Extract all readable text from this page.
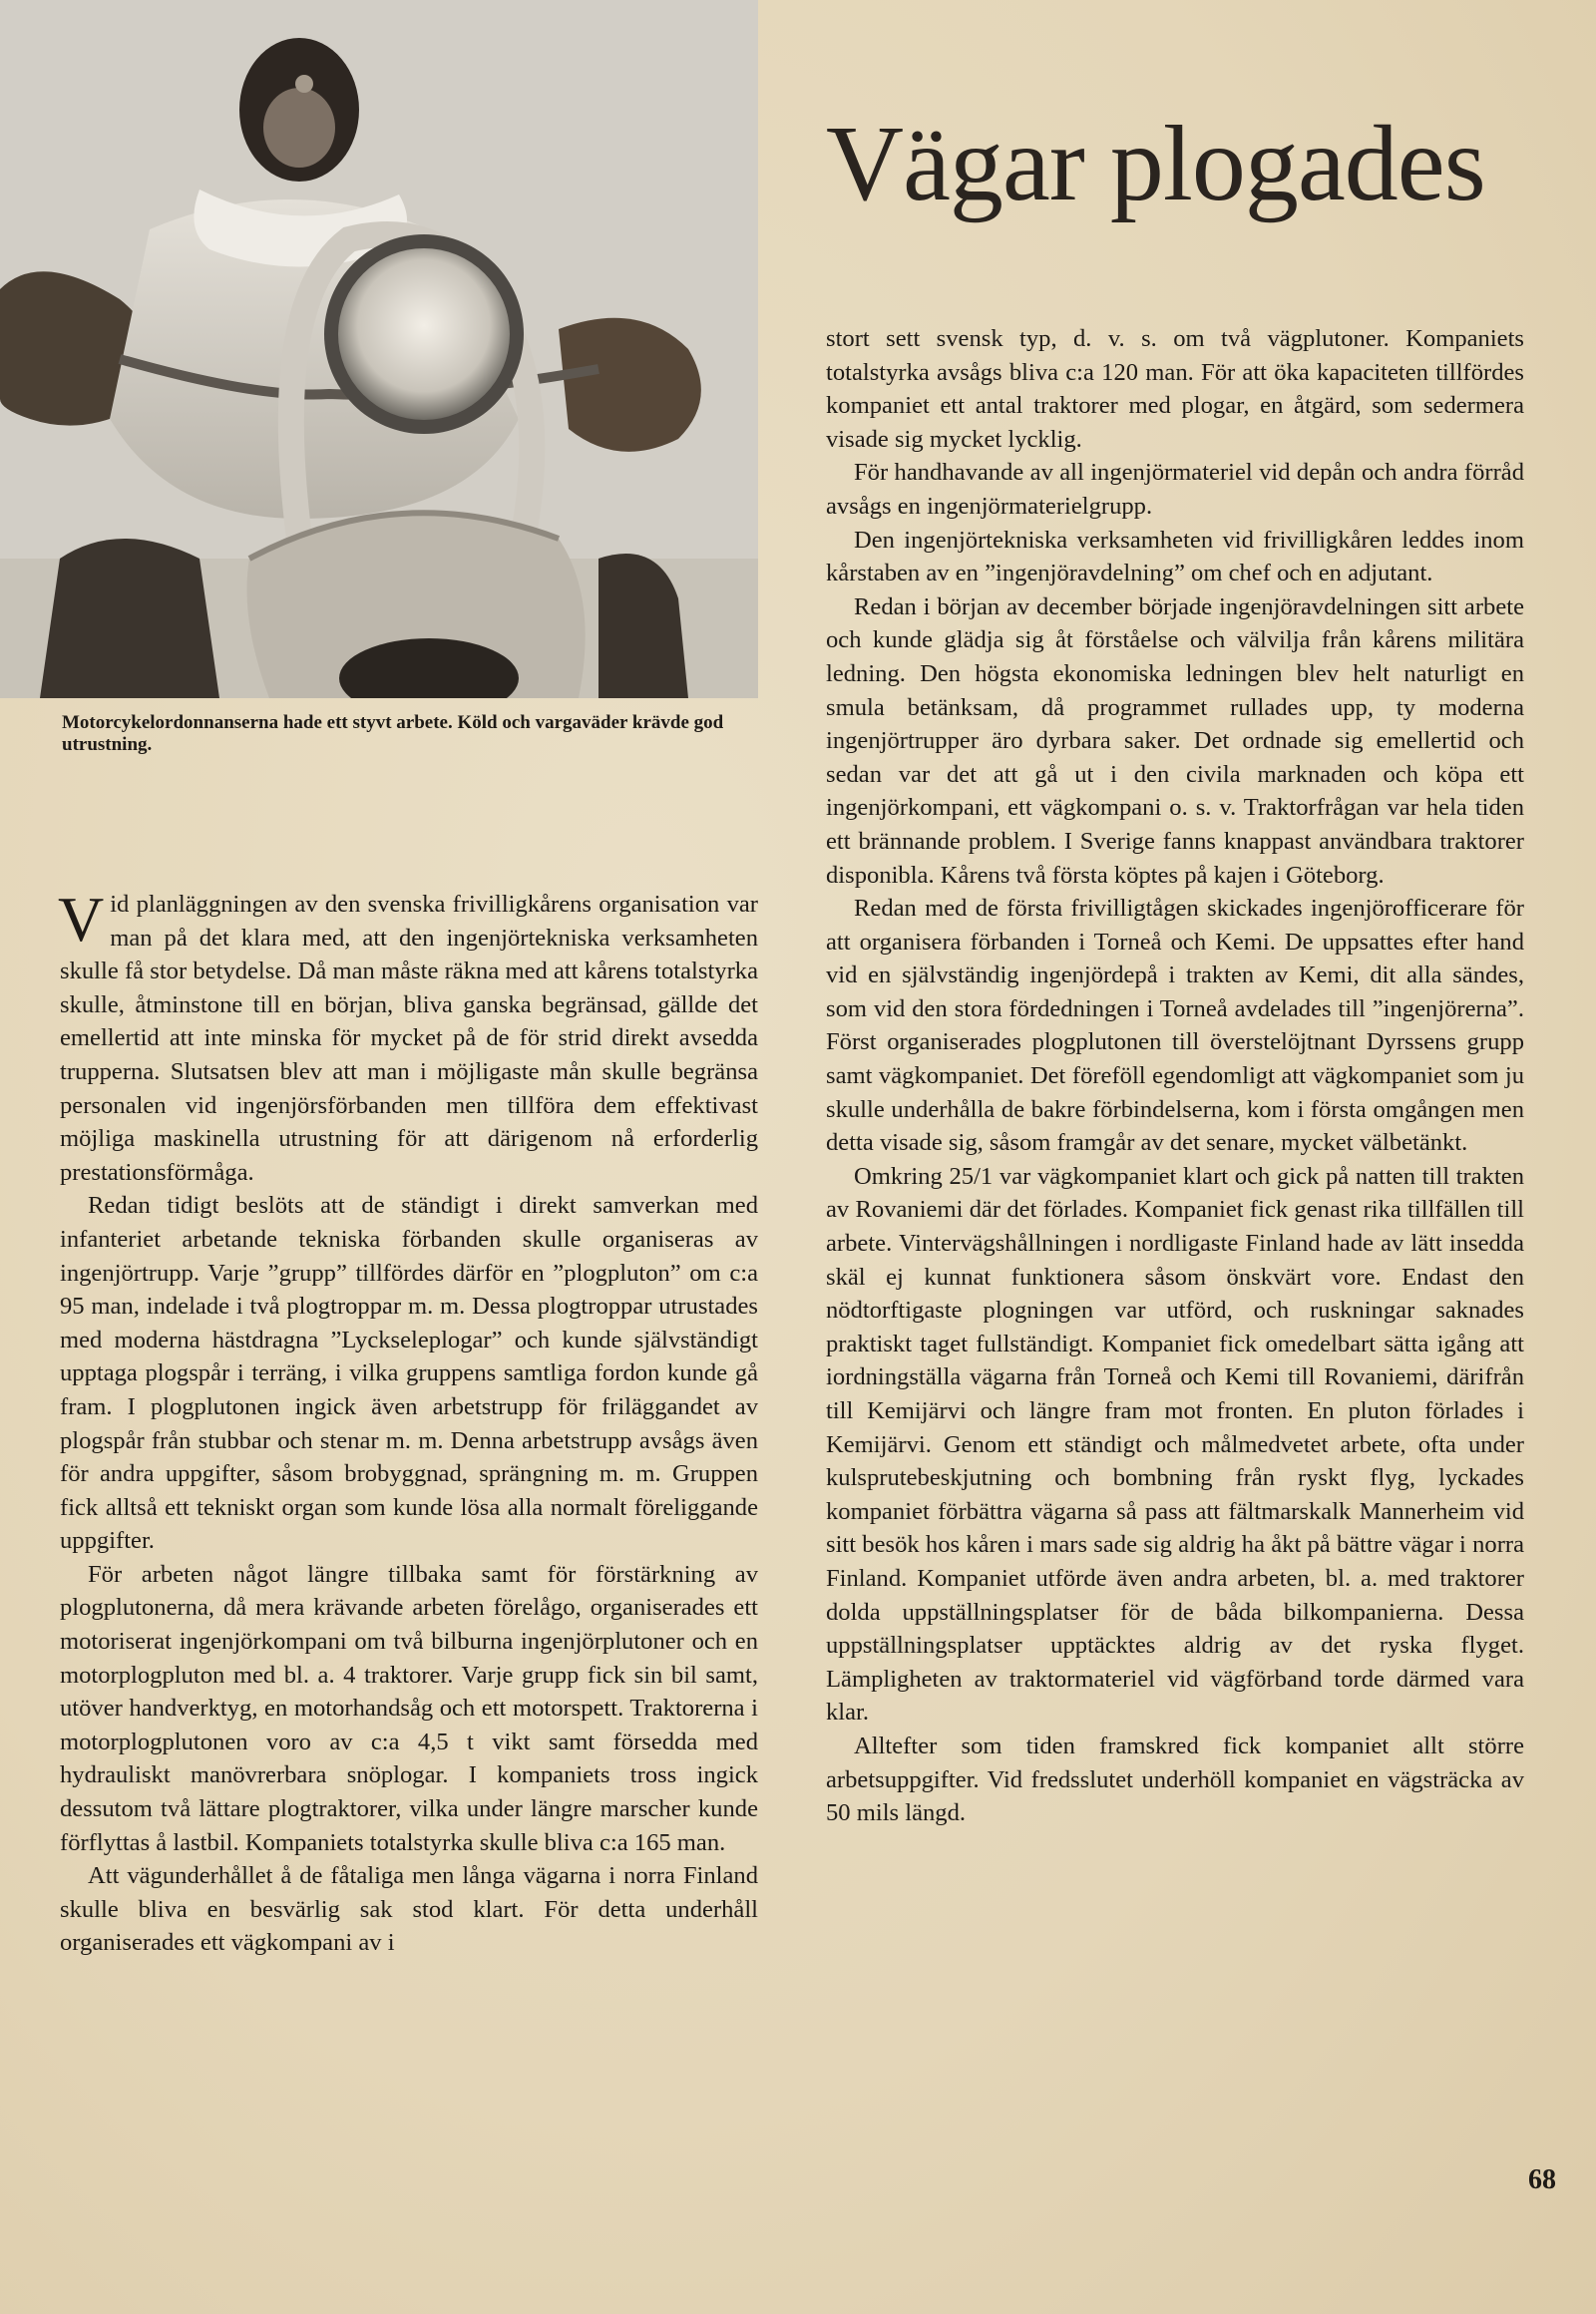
Motorcykelordonnanserna hade ett styvt arbete. Köld och vargaväder krävde god utrustning.

Vägar plogades

Vid planläggningen av den svenska frivilligkårens organisation var man på det klara med, att den ingenjörtekniska verksamheten skulle få stor betydelse. Då man måste räkna med att kårens totalstyrka skulle, åtminstone till en början, bliva ganska begränsad, gällde det emellertid att inte minska för mycket på de för strid direkt avsedda trupperna. Slutsatsen blev att man i möjligaste mån skulle begränsa personalen vid ingenjörsförbanden men tillföra dem effektivast möjliga maskinella utrustning för att därigenom nå erforderlig prestationsförmåga.

Redan tidigt beslöts att de ständigt i direkt samverkan med infanteriet arbetande tekniska förbanden skulle organiseras av ingenjörtrupp. Varje ”grupp” tillfördes därför en ”plogpluton” om c:a 95 man, indelade i två plogtroppar m. m. Dessa plogtroppar utrustades med moderna hästdragna ”Lyckseleplogar” och kunde självständigt upptaga plogspår i terräng, i vilka gruppens samtliga fordon kunde gå fram. I plogplutonen ingick även arbetstrupp för friläggandet av plogspår från stubbar och stenar m. m. Denna arbetstrupp avsågs även för andra uppgifter, såsom brobyggnad, sprängning m. m. Gruppen fick alltså ett tekniskt organ som kunde lösa alla normalt föreliggande uppgifter.

För arbeten något längre tillbaka samt för förstärkning av plogplutonerna, då mera krävande arbeten förelågo, organiserades ett motoriserat ingenjörkompani om två bilburna ingenjörplutoner och en motorplogpluton med bl. a. 4 traktorer. Varje grupp fick sin bil samt, utöver handverktyg, en motorhandsåg och ett motorspett. Traktorerna i motorplogplutonen voro av c:a 4,5 t vikt samt försedda med hydrauliskt manövrerbara snöplogar. I kompaniets tross ingick dessutom två lättare plogtraktorer, vilka under längre marscher kunde förflyttas å lastbil. Kompaniets totalstyrka skulle bliva c:a 165 man.

Att vägunderhållet å de fåtaliga men långa vägarna i norra Finland skulle bliva en besvärlig sak stod klart. För detta underhåll organiserades ett vägkompani av i

stort sett svensk typ, d. v. s. om två vägplutoner. Kompaniets totalstyrka avsågs bliva c:a 120 man. För att öka kapaciteten tillfördes kompaniet ett antal traktorer med plogar, en åtgärd, som sedermera visade sig mycket lycklig.

För handhavande av all ingenjörmateriel vid depån och andra förråd avsågs en ingenjörmaterielgrupp.

Den ingenjörtekniska verksamheten vid frivilligkåren leddes inom kårstaben av en ”ingenjöravdelning” om chef och en adjutant.

Redan i början av december började ingenjöravdelningen sitt arbete och kunde glädja sig åt förståelse och välvilja från kårens militära ledning. Den högsta ekonomiska ledningen blev helt naturligt en smula betänksam, då programmet rullades upp, ty moderna ingenjörtrupper äro dyrbara saker. Det ordnade sig emellertid och sedan var det att gå ut i den civila marknaden och köpa ett ingenjörkompani, ett vägkompani o. s. v. Traktorfrågan var hela tiden ett brännande problem. I Sverige fanns knappast användbara traktorer disponibla. Kårens två första köptes på kajen i Göteborg.

Redan med de första frivilligtågen skickades ingenjörofficerare för att organisera förbanden i Torneå och Kemi. De uppsattes efter hand vid en självständig ingenjördepå i trakten av Kemi, dit alla sändes, som vid den stora fördedningen i Torneå avdelades till ”ingenjörerna”. Först organiserades plogplutonen till överstelöjtnant Dyrssens grupp samt vägkompaniet. Det föreföll egendomligt att vägkompaniet som ju skulle underhålla de bakre förbindelserna, kom i första omgången men detta visade sig, såsom framgår av det senare, mycket välbetänkt.

Omkring 25/1 var vägkompaniet klart och gick på natten till trakten av Rovaniemi där det förlades. Kompaniet fick genast rika tillfällen till arbete. Vintervägshållningen i nordligaste Finland hade av lätt insedda skäl ej kunnat funktionera såsom önskvärt vore. Endast den nödtorftigaste plogningen var utförd, och ruskningar saknades praktiskt taget fullständigt. Kompaniet fick omedelbart sätta igång att iordningställa vägarna från Torneå och Kemi till Rovaniemi, därifrån till Kemijärvi och längre fram mot fronten. En pluton förlades i Kemijärvi. Genom ett ständigt och målmedvetet arbete, ofta under kulsprutebeskjutning och bombning från ryskt flyg, lyckades kompaniet förbättra vägarna så pass att fältmarskalk Mannerheim vid sitt besök hos kåren i mars sade sig aldrig ha åkt på bättre vägar i norra Finland. Kompaniet utförde även andra arbeten, bl. a. med traktorer dolda uppställningsplatser för de båda bilkompanierna. Dessa uppställningsplatser upptäcktes aldrig av det ryska flyget. Lämpligheten av traktormateriel vid vägförband torde därmed vara klar.

Alltefter som tiden framskred fick kompaniet allt större arbetsuppgifter. Vid fredsslutet underhöll kompaniet en vägsträcka av 50 mils längd.

68
